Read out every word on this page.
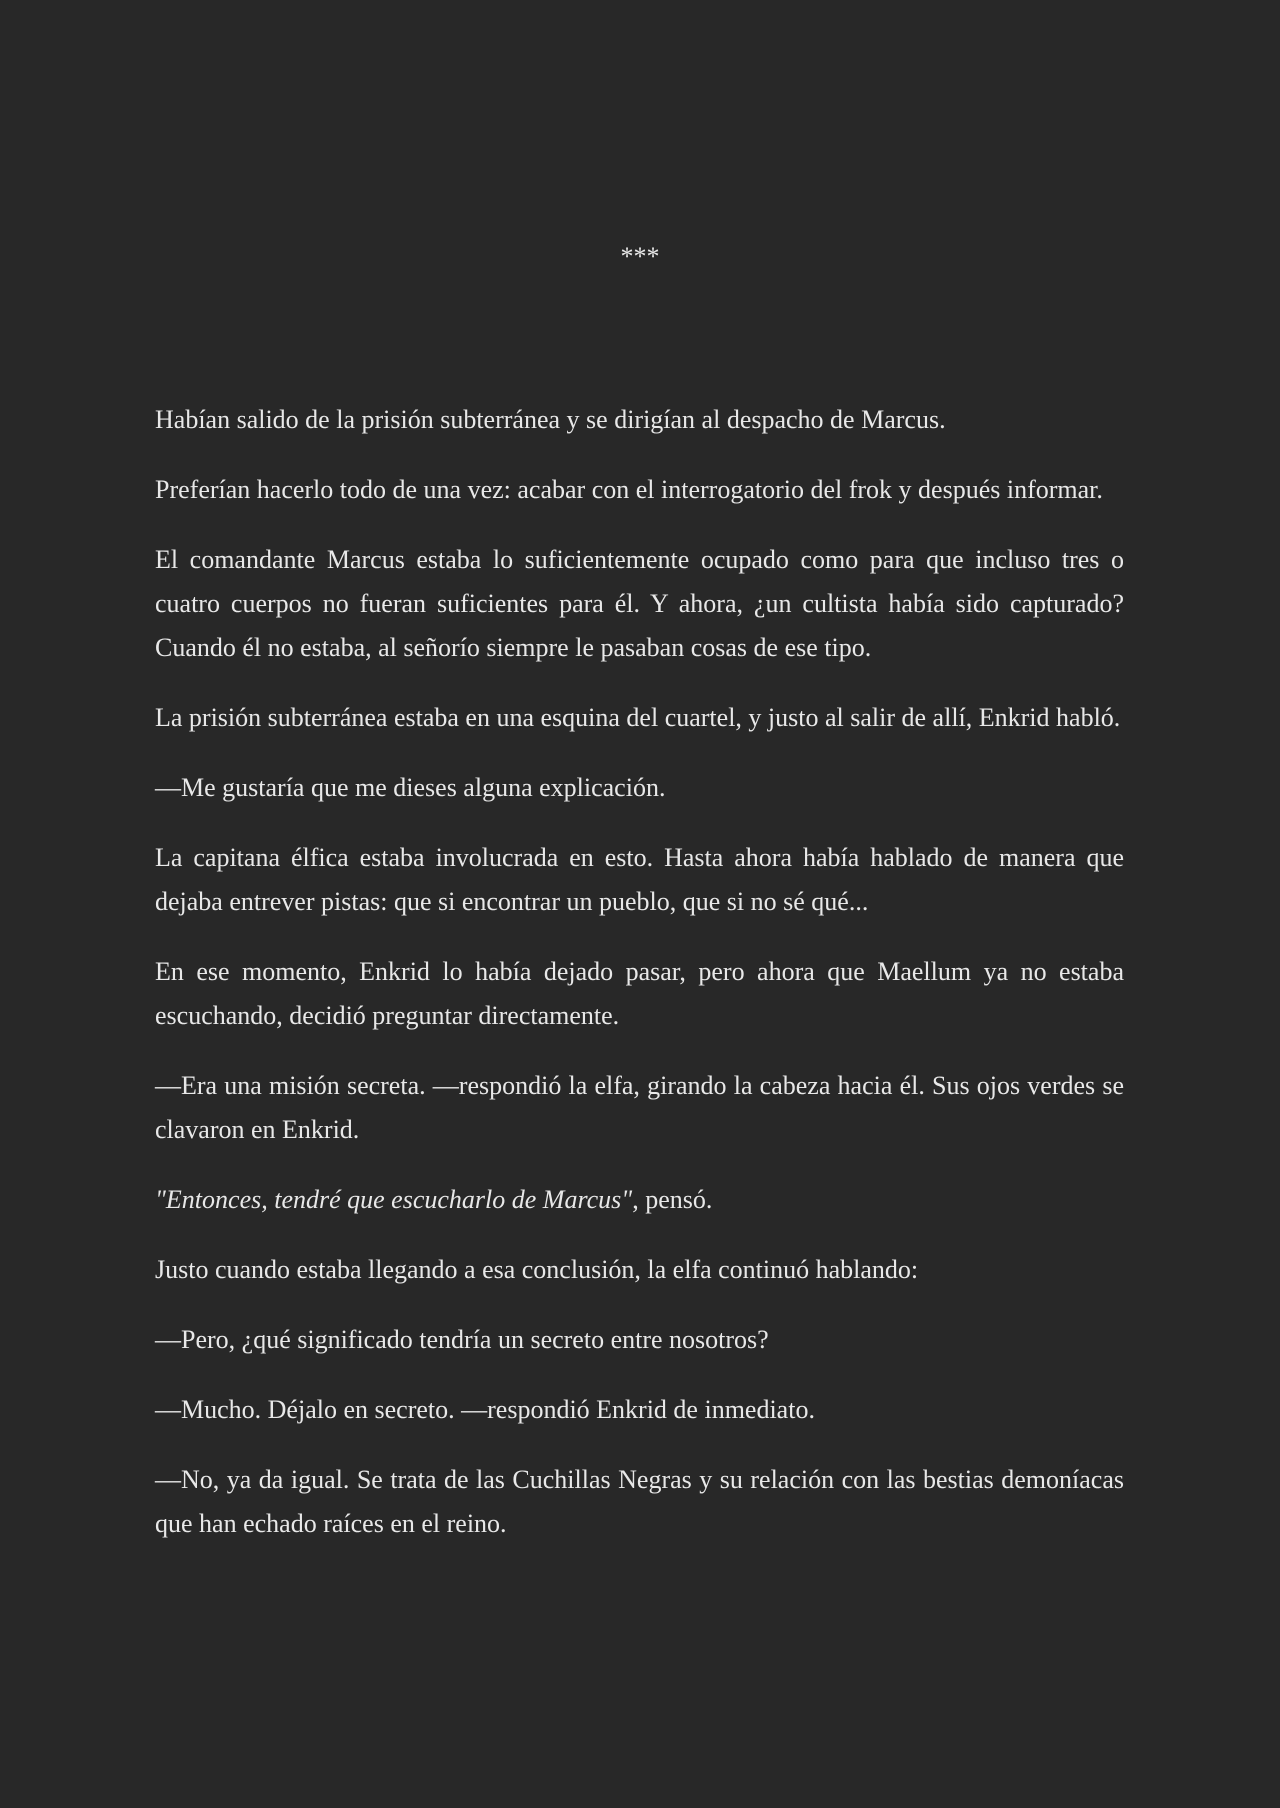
***

Habían salido de la prisión subterránea y se dirigían al despacho de Marcus.

Preferían hacerlo todo de una vez: acabar con el interrogatorio del frok y después informar.

El comandante Marcus estaba lo suficientemente ocupado como para que incluso tres o cuatro cuerpos no fueran suficientes para él. Y ahora, ¿un cultista había sido capturado? Cuando él no estaba, al señorío siempre le pasaban cosas de ese tipo.

La prisión subterránea estaba en una esquina del cuartel, y justo al salir de allí, Enkrid habló.

—Me gustaría que me dieses alguna explicación.

La capitana élfica estaba involucrada en esto. Hasta ahora había hablado de manera que dejaba entrever pistas: que si encontrar un pueblo, que si no sé qué...

En ese momento, Enkrid lo había dejado pasar, pero ahora que Maellum ya no estaba escuchando, decidió preguntar directamente.

—Era una misión secreta. —respondió la elfa, girando la cabeza hacia él. Sus ojos verdes se clavaron en Enkrid.

"Entonces, tendré que escucharlo de Marcus", pensó.

Justo cuando estaba llegando a esa conclusión, la elfa continuó hablando:

—Pero, ¿qué significado tendría un secreto entre nosotros?

—Mucho. Déjalo en secreto. —respondió Enkrid de inmediato.

—No, ya da igual. Se trata de las Cuchillas Negras y su relación con las bestias demoníacas que han echado raíces en el reino.
